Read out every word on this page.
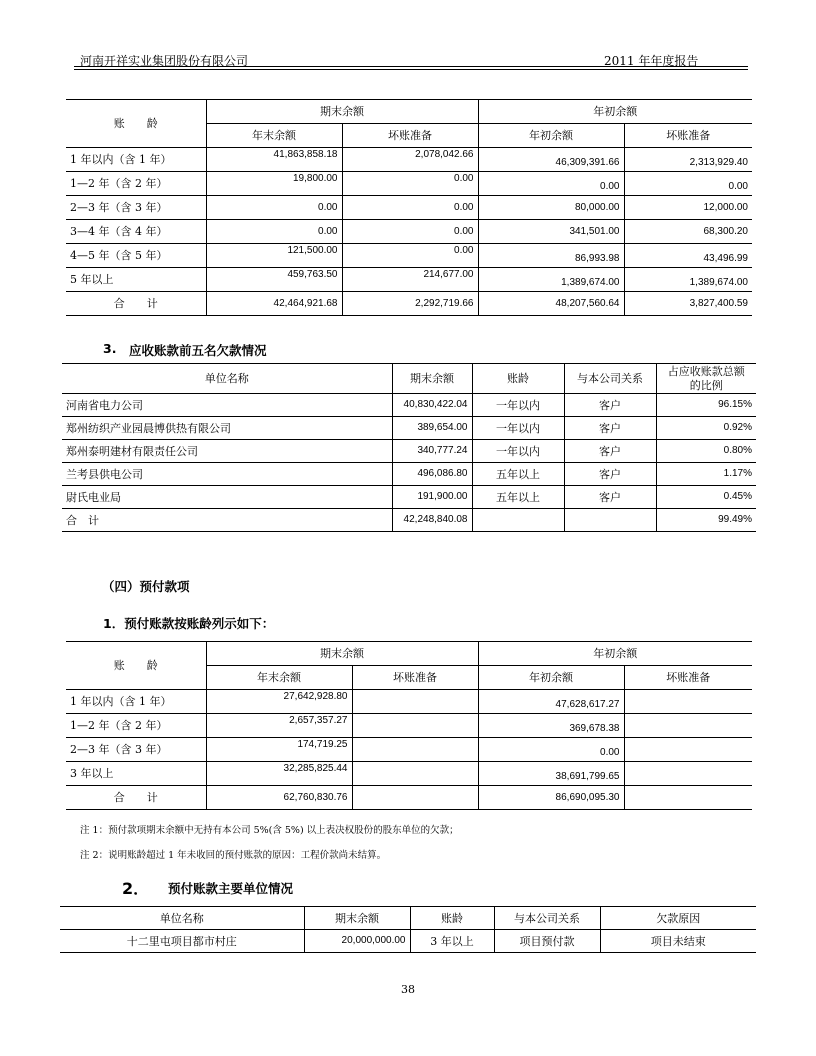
河南开祥实业集团股份有限公司	2011 年年度报告
账　　龄	期末余额		年初余额	
	年末余额	坏账准备	年初余额	坏账准备
1 年以内（含 1 年）	41,863,858.18	2,078,042.66	46,309,391.66	2,313,929.40
1—2 年（含 2 年）	19,800.00	0.00	0.00	0.00
2—3 年（含 3 年）	0.00	0.00	80,000.00	12,000.00
3—4 年（含 4 年）	0.00	0.00	341,501.00	68,300.20
4—5 年（含 5 年）	121,500.00	0.00	86,993.98	43,496.99
5 年以上	459,763.50	214,677.00	1,389,674.00	1,389,674.00
合　　计	42,464,921.68	2,292,719.66	48,207,560.64	3,827,400.59
3. 应收账款前五名欠款情况
单位名称	期末余额	账龄	与本公司关系	占应收账款总额
的比例

河南省电力公司	40,830,422.04	一年以内	客户	96.15%
郑州纺织产业园晨博供热有限公司	389,654.00	一年以内	客户	0.92%
郑州泰明建材有限责任公司	340,777.24	一年以内	客户	0.80%
兰考县供电公司	496,086.80	五年以上	客户	1.17%
尉氏电业局	191,900.00	五年以上	客户	0.45%
合　计	42,248,840.08			99.49%
（四）预付款项
1．预付账款按账龄列示如下：
账　　龄	期末余额		年初余额	
	年末余额	坏账准备	年初余额	坏账准备
1 年以内（含 1 年）	27,642,928.80		47,628,617.27	
1—2 年（含 2 年）	2,657,357.27		369,678.38	
2—3 年（含 3 年）	174,719.25		0.00	
3 年以上	32,285,825.44		38,691,799.65	
合　　计	62,760,830.76		86,690,095.30	
注 1：预付款项期末余额中无持有本公司 5%(含 5%) 以上表决权股份的股东单位的欠款；
注 2：说明账龄超过 1 年未收回的预付账款的原因：工程价款尚未结算。
2． 预付账款主要单位情况
单位名称	期末余额	账龄	与本公司关系	欠款原因
十二里屯项目都市村庄	20,000,000.00	3 年以上	项目预付款	项目未结束
38
